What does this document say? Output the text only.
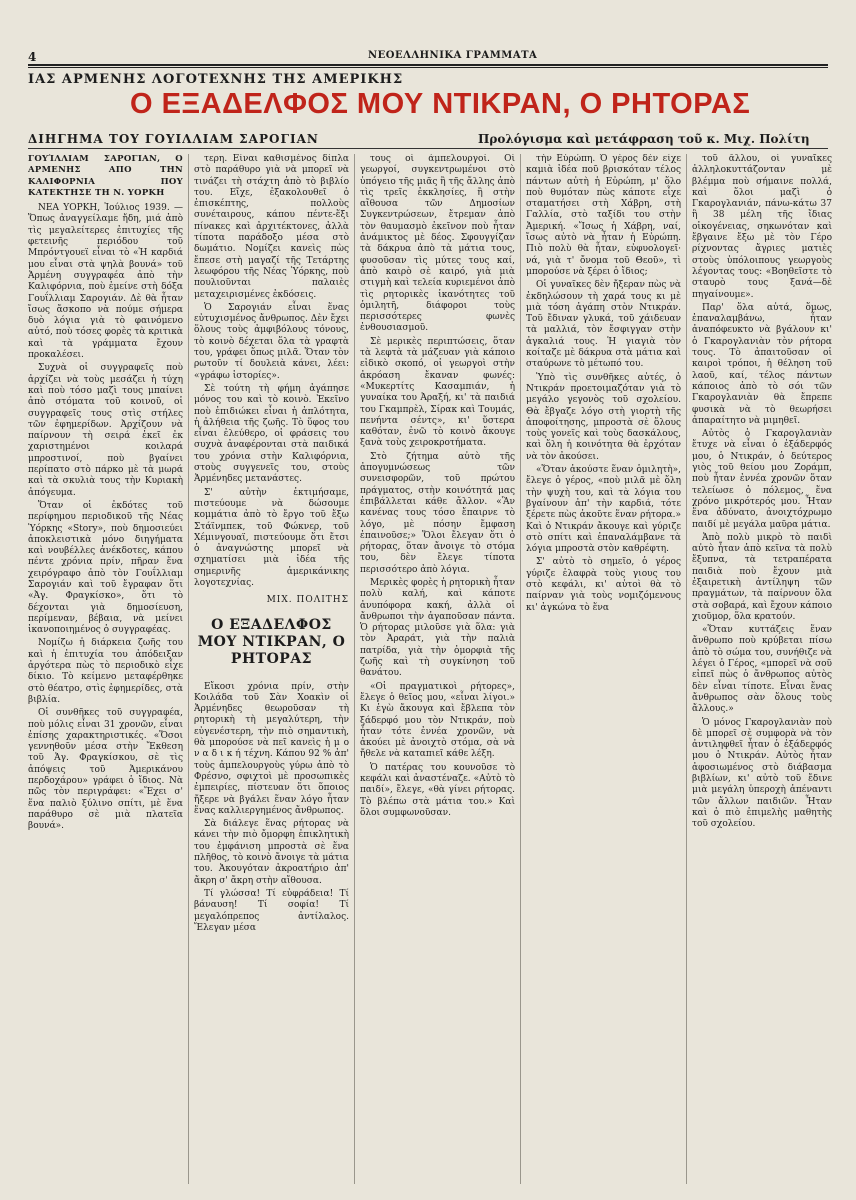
4	ΝΕΟΕΛΛΗΝΙΚΑ ΓΡΑΜΜΑΤΑ
ΙΑΣ ΑΡΜΕΝΗΣ ΛΟΓΟΤΕΧΝΗΣ ΤΗΣ ΑΜΕΡΙΚΗΣ
Ο ΕΞΑΔΕΛΦΟΣ ΜΟΥ ΝΤΙΚΡΑΝ, Ο ΡΗΤΟΡΑΣ
ΔΙΗΓΗΜΑ ΤΟΥ ΓΟΥΙΛΛΙΑΜ ΣΑΡΟΓΙΑΝ	Προλόγισμα καὶ μετάφραση τοῦ κ. Μιχ. Πολίτη

ΓΟΥΊΛΛΙΑΜ ΣΑΡΟΓΙΑΝ, Ο ΑΡΜΕΝΗΣ ΑΠΟ ΤΗΝ ΚΑΛΙΦΟΡΝΙΑ ΠΟΥ ΚΑΤΕΚΤΗΣΕ ΤΗ Ν. ΥΟΡΚΗ

ΝΕΑ ΥΟΡΚΗ, Ἰούλιος 1939. — Ὅπως ἀναγγείλαμε ἤδη, μιά ἀπὸ τὶς μεγαλείτερες ἐπιτυχίες τῆς φετεινῆς περιόδου τοῦ Μπρόντγουεϊ εἶναι τὸ «Ἡ καρδιά μου εἶναι στὰ ψηλὰ βουνά» τοῦ Ἀρμένη συγγραφέα ἀπὸ τὴν Καλιφόρνια, ποὺ ἐμείνε στὴ δόξα Γουΐλλιαμ Σαρογιάν. Δὲ θὰ ἦταν ἴσως ἄσκοπο νὰ πούμε σήμερα δυὸ λόγια γιὰ τὸ φαινόμενο αὐτό, ποὺ τόσες φορὲς τὰ κριτικὰ καὶ τὰ γράμματα ἔχουν προκαλέσει.

Συχνὰ οἱ συγγραφεῖς ποὺ ἀρχίζει νὰ τοὺς μεσάζει ἡ τύχη καὶ ποὺ τόσο μαζὶ τους μπαίνει ἀπὸ στόματα τοῦ κοινοῦ, οἱ συγγραφεῖς τους στὶς στήλες τῶν ἐφημερίδων. Ἀρχίζουν νὰ παίρνουν τὴ σειρά ἐκεῖ ἐκ χαριστημένοι κοιλαρά μπροστινοί, ποὺ βγαίνει περίπατο στὸ πάρκο μὲ τὰ μωρά καὶ τὰ σκυλιὰ τους τὴν Κυριακὴ ἀπόγευμα.

Ὅταν οἱ ἐκδότες τοῦ περίφημου περιοδικοῦ τῆς Νέας Ὑόρκης «Story», ποὺ δημοσιεύει ἀποκλειστικὰ μόνο διηγήματα καὶ νουβέλλες ἀνέκδοτες, κάπου πέντε χρόνια πρίν, πῆραν ἕνα χειρόγραφο ἀπὸ τὸν Γουΐλλιαμ Σαρογιάν καὶ τοῦ ἔγραφαν ὅτι «Ἀγ. Φραγκίσκο», ὅτι τὸ δέχονται γιὰ δημοσίευση, περίμεναν, βέβαια, νὰ μείνει ἱκανοποιημένος ὁ συγγραφέας.

Νομίζω ἡ διάρκεια ζωῆς του καὶ ἡ ἐπιτυχία του ἀπόδειξαν ἀργότερα πὼς τὸ περιοδικὸ εἶχε δίκιο. Τὸ κείμενο μεταφέρθηκε στὸ θέατρο, στὶς ἐφημερίδες, στὰ βιβλία.

Οἱ συνθῆκες τοῦ συγγραφέα, ποὺ μόλις εἶναι 31 χρονῶν, εἶναι ἐπίσης χαρακτηριστικές. «Ὅσοι γεννηθοῦν μέσα στὴν Ἔκθεση τοῦ Ἀγ. Φραγκίσκου, σὲ τὶς ἀπόψεις τοῦ Ἀμερικάνου περδοχάρου» γράφει ὁ ἴδιος. Νὰ πῶς τὸν περιγράφει: «Ἔχει σ' ἕνα παλιὸ ξύλινο σπίτι, μὲ ἕνα παράθυρο σὲ μιὰ πλατεῖα βουνά».

τερη. Εἶναι καθισμένος δίπλα στὸ παράθυρο γιὰ νὰ μπορεῖ νὰ τινάζει τὴ στάχτη ἀπὸ τὸ βιβλίο του. Εἴχε, ἐξακολουθεῖ ὁ ἐπισκέπτης, πολλοὺς συνέταιρους, κάπου πέντε-ἕξι πίνακες καὶ ἀρχιτέκτονες, ἀλλὰ τίποτα παράδοξο μέσα στὸ δωμάτιο. Νομίζει κανεὶς πὼς ἔπεσε στὴ μαγαζί τῆς Τετάρτης λεωφόρου τῆς Νέας Ὑόρκης, ποὺ πουλιοῦνται παλαιὲς μεταχειρισμένες ἐκδόσεις.

Ὁ Σαρογιάν εἶναι ἕνας εὐτυχισμένος ἄνθρωπος. Δὲν ἔχει ὅλους τοὺς ἀμφιβόλους τόνους, τὸ κοινὸ δέχεται ὅλα τὰ γραφτὰ του, γράφει ὅπως μιλᾶ. Ὅταν τὸν ρωτοῦν τί δουλειὰ κάνει, λέει: «γράφω ἱστορίες».

Σὲ τούτη τὴ φήμη ἀγάπησε μόνος του καὶ τὸ κοινὸ. Ἐκεῖνο ποὺ ἐπιδιώκει εἶναι ἡ ἁπλότητα, ἡ ἀλήθεια τῆς ζωῆς. Τὸ ὕφος του εἶναι ἐλεύθερο, οἱ φράσεις του συχνὰ ἀναφέρονται στὰ παιδικά του χρόνια στὴν Καλιφόρνια, στοὺς συγγενεῖς του, στοὺς Ἀρμένηδες μετανάστες.

Σ' αὐτὴν ἐκτιμήσαμε, πιστεύουμε νὰ δώσουμε κομμάτια ἀπὸ τὸ ἔργο τοῦ ἔξω Στάϊνμπεκ, τοῦ Φώκνερ, τοῦ Χέμινγουαϊ, πιστεύουμε ὅτι ἔτσι ὁ ἀναγνώστης μπορεῖ νὰ σχηματίσει μιὰ ἰδέα τῆς σημερινῆς ἀμερικάνικης λογοτεχνίας.

ΜΙΧ. ΠΟΛΙΤΗΣ

Ο ΕΞΑΔΕΛΦΟΣ ΜΟΥ ΝΤΙΚΡΑΝ, Ο ΡΗΤΟΡΑΣ

Εἴκοσι χρόνια πρίν, στὴν Κοιλάδα τοῦ Σὰν Χοακὶν οἱ Ἀρμένηδες θεωροῦσαν τὴ ρητορικὴ τὴ μεγαλύτερη, τὴν εὐγενέστερη, τὴν πιὸ σημαντικὴ, θὰ μπορούσε νὰ πεῖ κανεὶς ἡ μ ο ν α δ ι κ ή τέχνη. Κάπου 92 % ἀπ' τοὺς ἀμπελουργοὺς γύρω ἀπὸ τὸ Φρέσνο, σφιχτοὶ μὲ προσωπικὲς ἐμπειρίες, πίστευαν ὅτι ὅποιος ἤξερε νὰ βγάλει ἕναν λόγο ἦταν ἕνας καλλιεργημένος ἄνθρωπος.

Σὰ διάλεγε ἕνας ρήτορας νὰ κάνει τὴν πιὸ ὄμορφη ἐπικλητικὴ του ἐμφάνιση μπροστὰ σὲ ἕνα πλῆθος, τὸ κοινὸ ἄνοιγε τὰ μάτια του. Ἀκουγόταν ἀκροατήριο ἀπ' ἄκρη σ' ἄκρη στὴν αἴθουσα.

Τί γλώσσα! Τί εὐφράδεια! Τί βάναυση! Τί σοφία! Τί μεγαλόπρεπος ἀντίλαλος. Ἔλεγαν μέσα

τους οἱ ἀμπελουργοί. Οἱ γεωργοί, συγκεντρωμένοι στὸ ὑπόγειο τῆς μιᾶς ἢ τῆς ἄλλης ἀπὸ τὶς τρεῖς ἐκκλησίες, ἢ στὴν αἴθουσα τῶν Δημοσίων Συγκεντρώσεων, ἔτρεμαν ἀπὸ τὸν θαυμασμὸ ἐκεῖνον ποὺ ἦταν ἀνάμικτος μὲ δέος. Σφουγγίζαν τὰ δάκρυα ἀπὸ τὰ μάτια τους, φυσοῦσαν τὶς μύτες τους καί, ἀπὸ καιρὸ σὲ καιρό, γιὰ μιὰ στιγμὴ καὶ τελεία κυριεμένοι ἀπὸ τὶς ρητορικὲς ἱκανότητες τοῦ ὁμιλητῆ, διάφοροι τοὺς περισσότερες φωνὲς ἐνθουσιασμοῦ.

Σὲ μερικὲς περιπτώσεις, ὅταν τὰ λεφτὰ τὰ μάζευαν γιὰ κάποιο εἰδικὸ σκοπό, οἱ γεωργοὶ στὴν ἀκρόαση ἔκαναν φωνές: «Μυκερτίτς Κασαμπιάν, ἡ γυναίκα του Ἀραξή, κι' τὰ παιδιά του Γκαμπρὲλ, Σίρακ καὶ Τουμάς, πενήντα σέντς», κι' ὕστερα καθόταν, ἐνῶ τὸ κοινὸ ἄκουγε ξανὰ τοὺς χειροκροτήματα.

Στὸ ζήτημα αὐτὸ τῆς ἀπογυμνώσεως τῶν συνεισφορῶν, τοῦ πρώτου πράγματος, στὴν κοινότητά μας ἐπιβάλλεται κάθε ἄλλον. «Ἂν κανένας τους τόσο ἔπαιρνε τὸ λόγο, μὲ πόσην ἔμφαση ἐπαινοῦσε;» Ὅλοι ἔλεγαν ὅτι ὁ ρήτορας, ὅταν ἄνοιγε τὸ στόμα του, δὲν ἔλεγε τίποτα περισσότερο ἀπὸ λόγια.

Μερικὲς φορὲς ἡ ρητορικὴ ἦταν πολὺ καλή, καὶ κάποτε ἀνυπόφορα κακή, ἀλλὰ οἱ ἄνθρωποι τὴν ἀγαποῦσαν πάντα. Ὁ ρήτορας μιλοῦσε γιὰ ὅλα: γιὰ τὸν Ἀραράτ, γιὰ τὴν παλιὰ πατρίδα, γιὰ τὴν ὀμορφιὰ τῆς ζωῆς καὶ τὴ συγκίνηση τοῦ θανάτου.

«Οἱ πραγματικοὶ ρήτορες», ἔλεγε ὁ θεῖος μου, «εἶναι λίγοι.» Κι ἐγὼ ἄκουγα καὶ ἔβλεπα τὸν ξάδερφό μου τὸν Ντικράν, ποὺ ἦταν τότε ἐννέα χρονῶν, νὰ ἀκούει μὲ ἀνοιχτὸ στόμα, σὰ νὰ ἤθελε νὰ καταπιεῖ κάθε λέξη.

Ὁ πατέρας του κουνοῦσε τὸ κεφάλι καὶ ἀναστέναζε. «Αὐτὸ τὸ παιδί», ἔλεγε, «θὰ γίνει ρήτορας. Τὸ βλέπω στὰ μάτια του.» Καὶ ὅλοι συμφωνοῦσαν.

τὴν Εὐρώπη. Ὁ γέρος δὲν εἶχε καμιὰ ἰδέα ποῦ βρισκόταν τέλος πάντων αὐτὴ ἡ Εὐρώπη, μ' ὅλο ποὺ θυμόταν πὼς κάποτε εἶχε σταματήσει στὴ Χάβρη, στὴ Γαλλία, στὸ ταξίδι του στὴν Ἀμερική. «Ἴσως ἡ Χάβρη, ναί, ἴσως αὐτὸ νὰ ἦταν ἡ Εὐρώπη. Πιὸ πολὺ θὰ ἦταν, εὐφυολογεῖ· νά, γιὰ τ' ὄνομα τοῦ Θεοῦ», τὶ μπορούσε νὰ ξέρει ὁ ἴδιος;

Οἱ γυναῖκες δὲν ἤξεραν πὼς νὰ ἐκδηλώσουν τὴ χαρά τους κι μὲ μιὰ τόση ἀγάπη στὸν Ντικράν. Τοῦ ἔδιναν γλυκά, τοῦ χάιδευαν τὰ μαλλιά, τὸν ἔσφιγγαν στὴν ἀγκαλιά τους. Ἡ γιαγιὰ τὸν κοίταζε μὲ δάκρυα στὰ μάτια καὶ σταύρωνε τὸ μέτωπό του.

Ὑπὸ τὶς συνθῆκες αὐτές, ὁ Ντικράν προετοιμαζόταν γιὰ τὸ μεγάλο γεγονὸς τοῦ σχολείου. Θὰ ἔβγαζε λόγο στὴ γιορτὴ τῆς ἀποφοίτησης, μπροστὰ σὲ ὅλους τοὺς γονεῖς καὶ τοὺς δασκάλους, καὶ ὅλη ἡ κοινότητα θὰ ἐρχόταν νὰ τὸν ἀκούσει.

«Ὅταν ἀκούστε ἕναν ὁμιλητὴ», ἔλεγε ὁ γέρος, «ποὺ μιλᾶ μὲ ὅλη τὴν ψυχὴ του, καὶ τὰ λόγια του βγαίνουν ἀπ' τὴν καρδιά, τότε ξέρετε πὼς ἀκοῦτε ἕναν ρήτορα.» Καὶ ὁ Ντικράν ἄκουγε καὶ γύριζε στὸ σπίτι καὶ ἐπαναλάμβανε τὰ λόγια μπροστὰ στὸν καθρέφτη.

Σ' αὐτὸ τὸ σημεῖο, ὁ γέρος γύριζε ἐλαφρὰ τοὺς γιους του στὸ κεφάλι, κι' αὐτοὶ θὰ τὸ παίρναν γιὰ τοὺς νομιζόμενους κι' ἀγκώνα τὸ ἕνα

τοῦ ἄλλου, οἱ γυναῖκες ἀλληλοκυττάζονταν μὲ βλέμμα ποὺ σήμαινε πολλά, καὶ ὅλοι μαζὶ ὁ Γκαρογλανιάν, πάνω-κάτω 37 ἢ 38 μέλη τῆς ἴδιας οἰκογένειας, σηκωνόταν καὶ ἔβγαινε ἔξω μὲ τὸν Γέρο ρίχνοντας ἄγριες ματιὲς στοὺς ὑπόλοιπους γεωργοὺς λέγοντας τους: «Βοηθεῖστε τὸ σταυρὸ τους ξανά—δὲ πηγαίνουμε».

Παρ' ὅλα αὐτά, ὅμως, ἐπαναλαμβάνω, ἦταν ἀναπόφευκτο νὰ βγάλουν κι' ὁ Γκαρογλανιὰν τὸν ρήτορα τους. Τὸ ἀπαιτοῦσαν οἱ καιροὶ τρόποι, ἡ θέληση τοῦ λαοῦ, καί, τέλος πάντων κάποιος ἀπὸ τὸ σόι τῶν Γκαρογλανιὰν θὰ ἔπρεπε φυσικὰ νὰ τὸ θεωρήσει ἀπαραίτητο νὰ μιμηθεῖ.

Αὐτὸς ὁ Γκαρογλανιὰν ἔτυχε νὰ εἶναι ὁ ἐξάδερφός μου, ὁ Ντικράν, ὁ δεύτερος γιὸς τοῦ θείου μου Ζοράμπ, ποὺ ἦταν ἐννέα χρονῶν ὅταν τελείωσε ὁ πόλεμος, ἕνα χρόνο μικρότερός μου. Ἦταν ἕνα ἀδύνατο, ἀνοιχτόχρωμο παιδί μὲ μεγάλα μαῦρα μάτια.

Ἀπὸ πολὺ μικρὸ τὸ παιδὶ αὐτὸ ἦταν ἀπὸ κεῖνα τὰ πολὺ ἔξυπνα, τὰ τετραπέρατα παιδιὰ ποὺ ἔχουν μιὰ ἐξαιρετικὴ ἀντίληψη τῶν πραγμάτων, τὰ παίρνουν ὅλα στὰ σοβαρά, καὶ ἔχουν κάποιο χιοῦμορ, ὅλα κρατούν.

«Ὅταν κυττάζεις ἕναν ἄνθρωπο ποὺ κρύβεται πίσω ἀπὸ τὸ σώμα του, συνήθιζε νὰ λέγει ὁ Γέρος, «μπορεῖ νὰ σοῦ εἰπεῖ πὼς ὁ ἄνθρωπος αὐτὸς δὲν εἶναι τίποτε. Εἶναι ἕνας ἄνθρωπος σὰν ὅλους τοὺς ἄλλους.»

Ὁ μόνος Γκαρογλανιὰν ποὺ δὲ μπορεῖ σὲ συμφορὰ νὰ τὸν ἀντιληφθεῖ ἦταν ὁ ἐξάδερφός μου ὁ Ντικράν. Αὐτὸς ἦταν ἀφοσιωμένος στὸ διάβασμα βιβλίων, κι' αὐτὸ τοῦ ἔδινε μιὰ μεγάλη ὑπεροχὴ ἀπέναντι τῶν ἄλλων παιδιῶν. Ἦταν καὶ ὁ πιὸ ἐπιμελὴς μαθητὴς τοῦ σχολείου.
